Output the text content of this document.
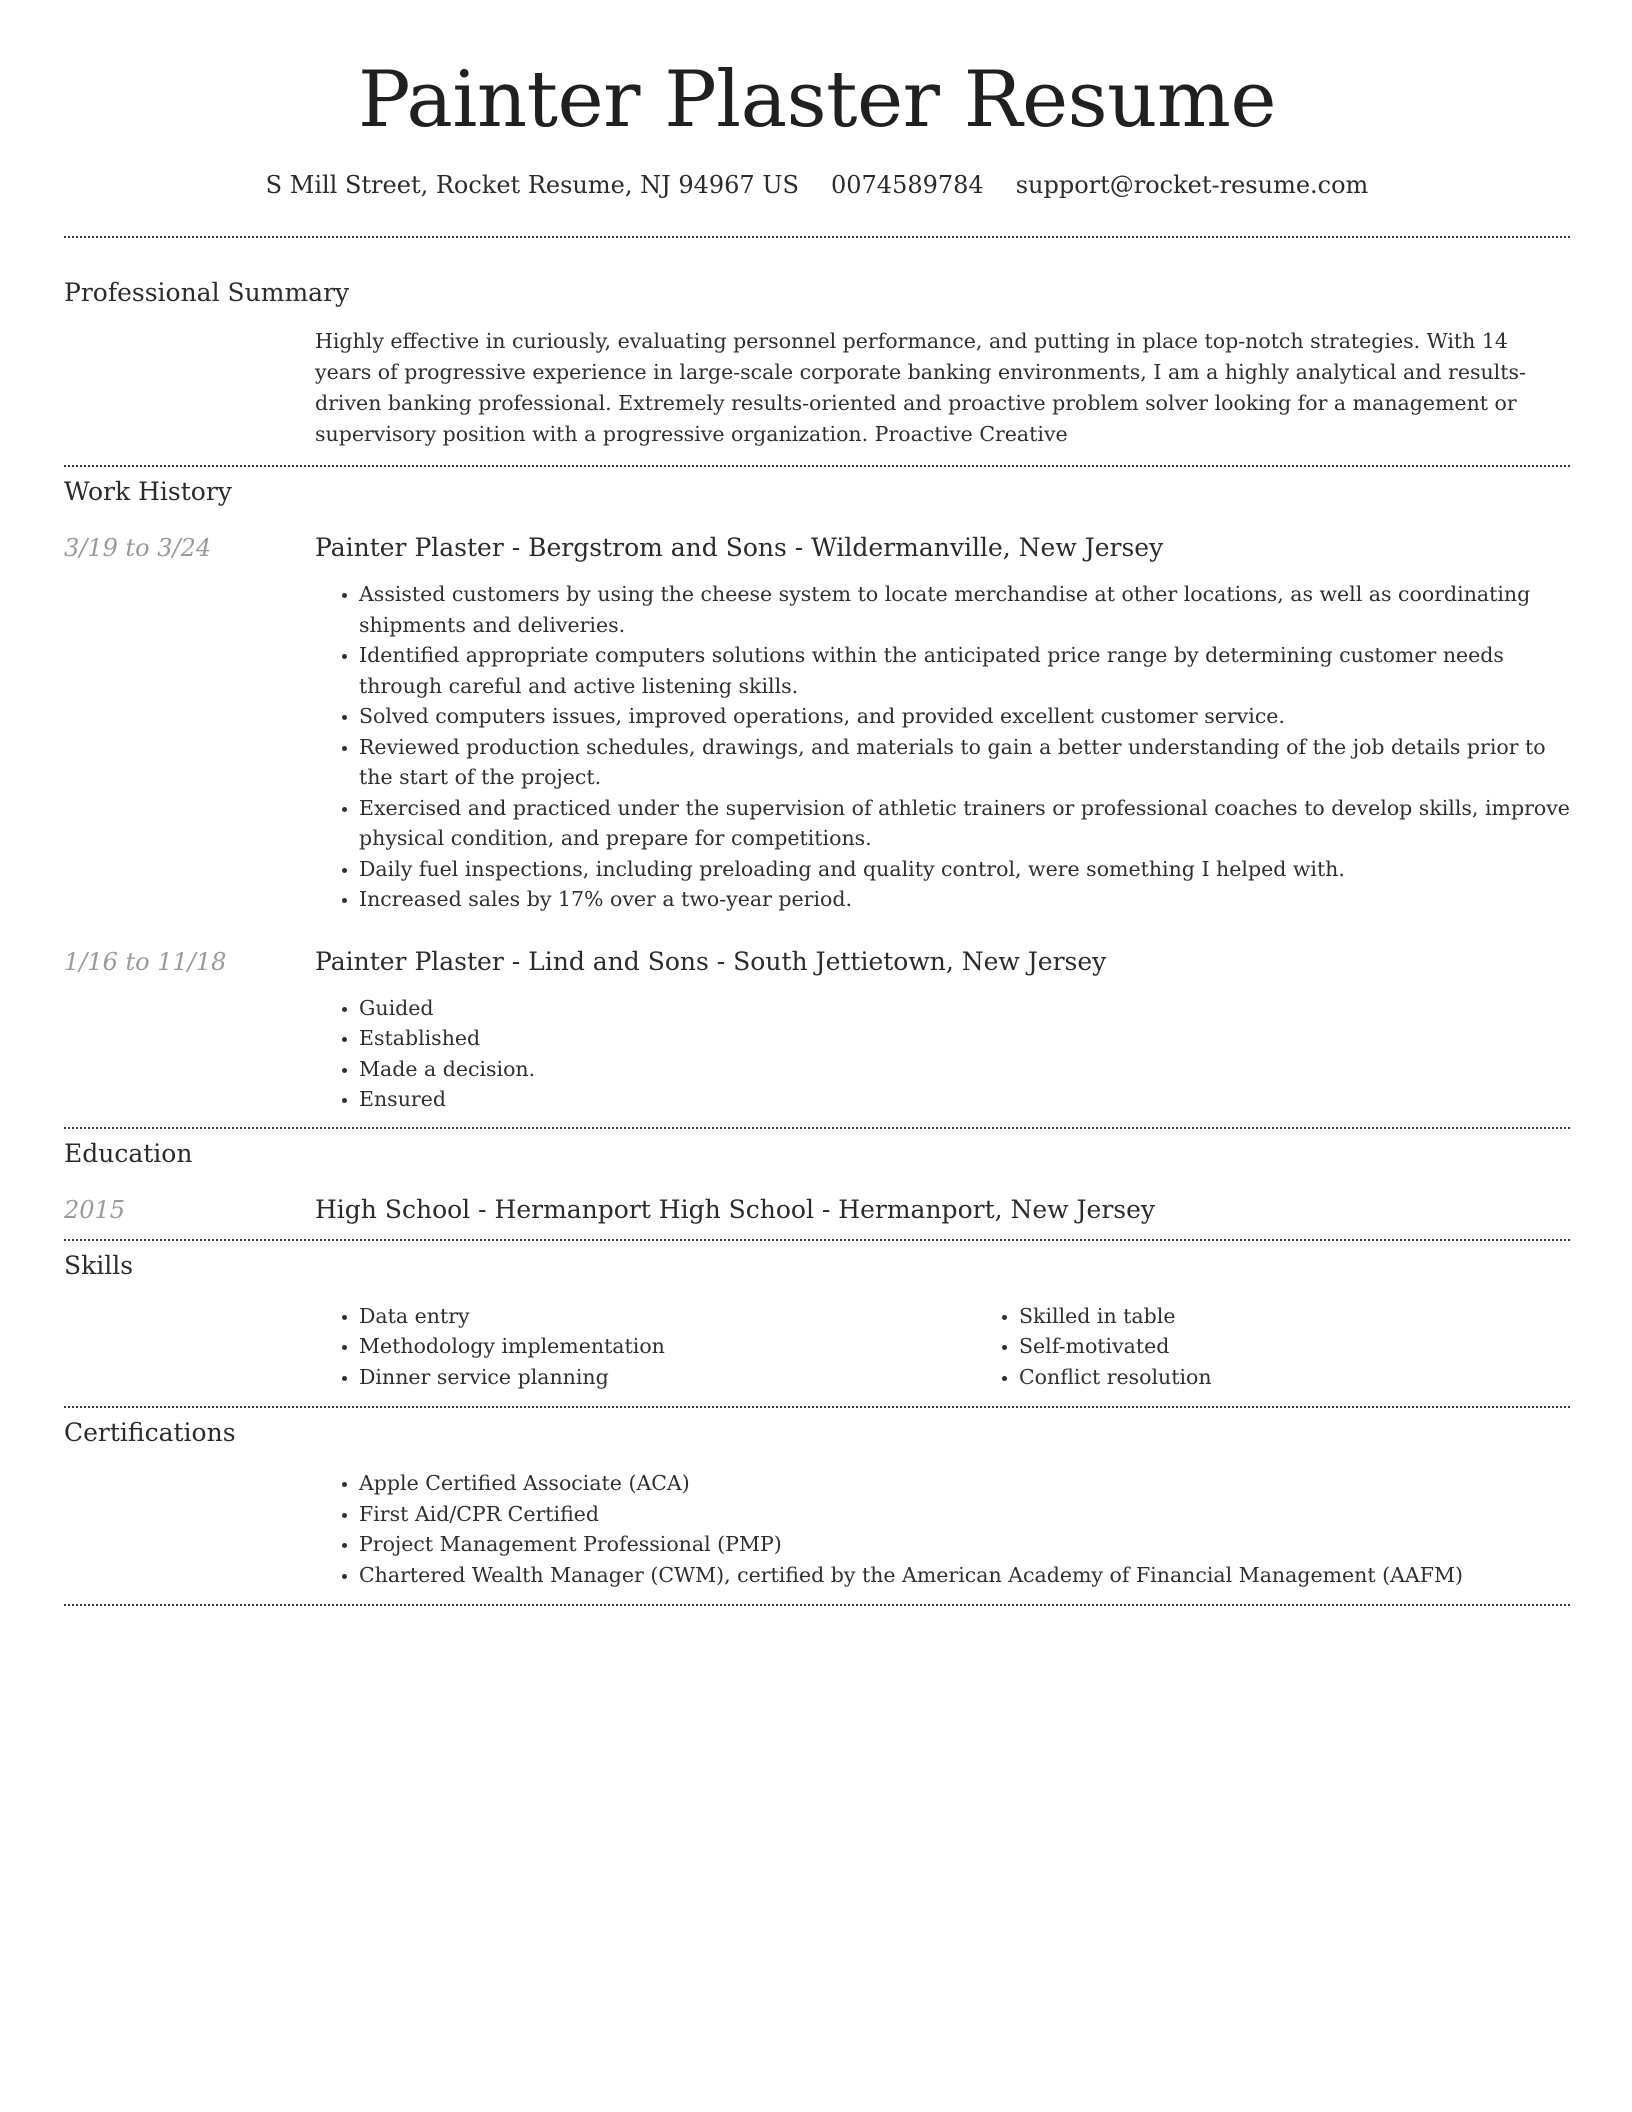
Painter Plaster Resume
S Mill Street, Rocket Resume, NJ 94967 US 0074589784 support@rocket-resume.com
Professional Summary
Highly effective in curiously, evaluating personnel performance, and putting in place top-notch strategies. With 14 years of progressive experience in large-scale corporate banking environments, I am a highly analytical and results-driven banking professional. Extremely results-oriented and proactive problem solver looking for a management or supervisory position with a progressive organization. Proactive Creative
Work History
3/19 to 3/24	Painter Plaster - Bergstrom and Sons - Wildermanville, New Jersey
• Assisted customers by using the cheese system to locate merchandise at other locations, as well as coordinating shipments and deliveries.
• Identified appropriate computers solutions within the anticipated price range by determining customer needs through careful and active listening skills.
• Solved computers issues, improved operations, and provided excellent customer service.
• Reviewed production schedules, drawings, and materials to gain a better understanding of the job details prior to the start of the project.
• Exercised and practiced under the supervision of athletic trainers or professional coaches to develop skills, improve physical condition, and prepare for competitions.
• Daily fuel inspections, including preloading and quality control, were something I helped with.
• Increased sales by 17% over a two-year period.
1/16 to 11/18	Painter Plaster - Lind and Sons - South Jettietown, New Jersey
• Guided
• Established
• Made a decision.
• Ensured
Education
2015	High School - Hermanport High School - Hermanport, New Jersey
Skills
• Data entry
• Methodology implementation
• Dinner service planning
• Skilled in table
• Self-motivated
• Conflict resolution
Certifications
• Apple Certified Associate (ACA)
• First Aid/CPR Certified
• Project Management Professional (PMP)
• Chartered Wealth Manager (CWM), certified by the American Academy of Financial Management (AAFM)
